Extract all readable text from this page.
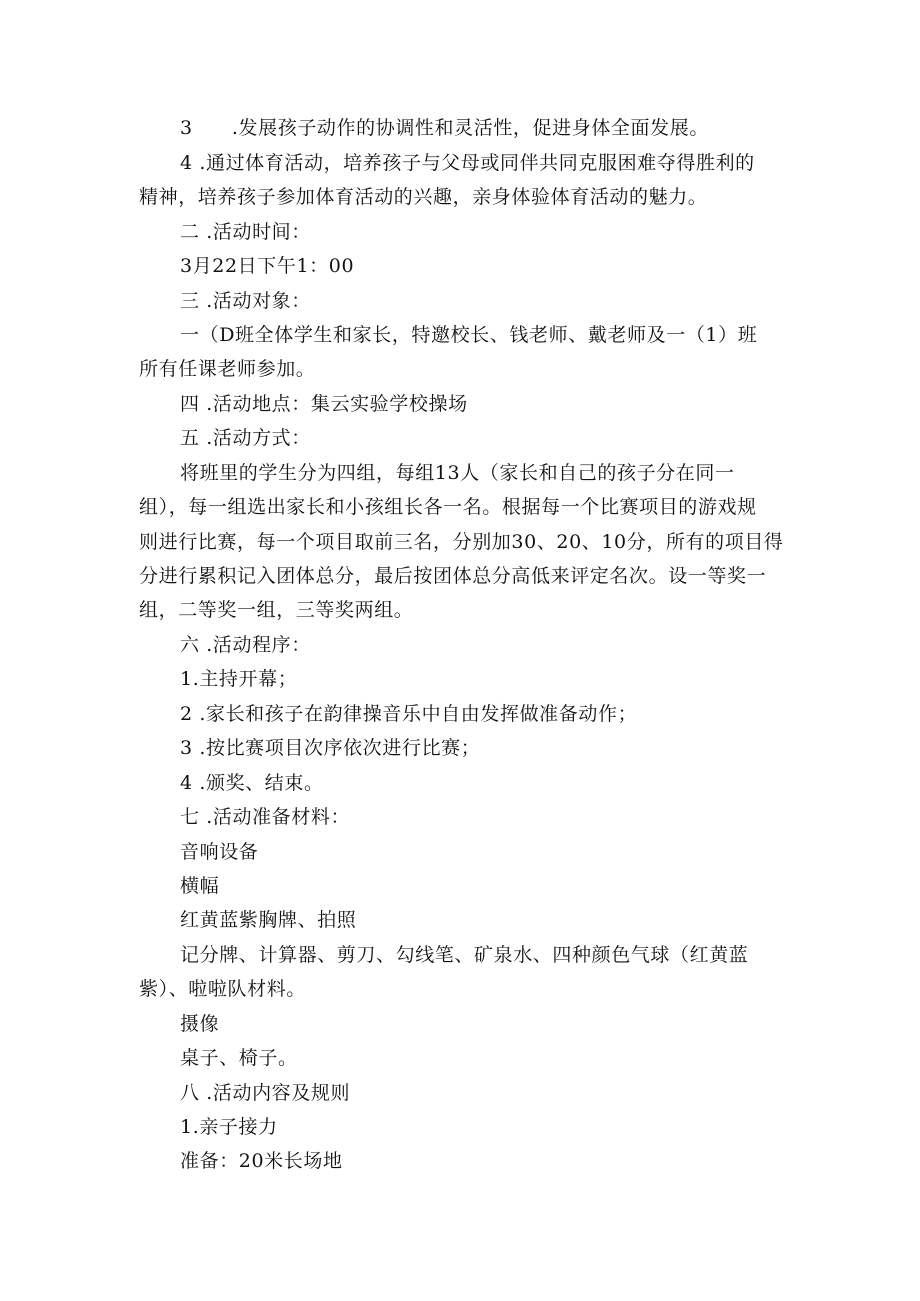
3　　.发展孩子动作的协调性和灵活性，促进身体全面发展。
4 .通过体育活动，培养孩子与父母或同伴共同克服困难夺得胜利的
精神，培养孩子参加体育活动的兴趣，亲身体验体育活动的魅力。
二 .活动时间：
3月22日下午1：00
三 .活动对象：
一（D班全体学生和家长，特邀校长、钱老师、戴老师及一（1）班
所有任课老师参加。
四 .活动地点：集云实验学校操场
五 .活动方式：
将班里的学生分为四组，每组13人（家长和自己的孩子分在同一
组），每一组选出家长和小孩组长各一名。根据每一个比赛项目的游戏规
则进行比赛，每一个项目取前三名，分别加30、20、10分，所有的项目得
分进行累积记入团体总分，最后按团体总分高低来评定名次。设一等奖一
组，二等奖一组，三等奖两组。
六 .活动程序：
1.主持开幕；
2 .家长和孩子在韵律操音乐中自由发挥做准备动作；
3 .按比赛项目次序依次进行比赛；
4 .颁奖、结束。
七 .活动准备材料：
音响设备
横幅
红黄蓝紫胸牌、拍照
记分牌、计算器、剪刀、勾线笔、矿泉水、四种颜色气球（红黄蓝
紫）、啦啦队材料。
摄像
桌子、椅子。
八 .活动内容及规则
1.亲子接力
准备：20米长场地
